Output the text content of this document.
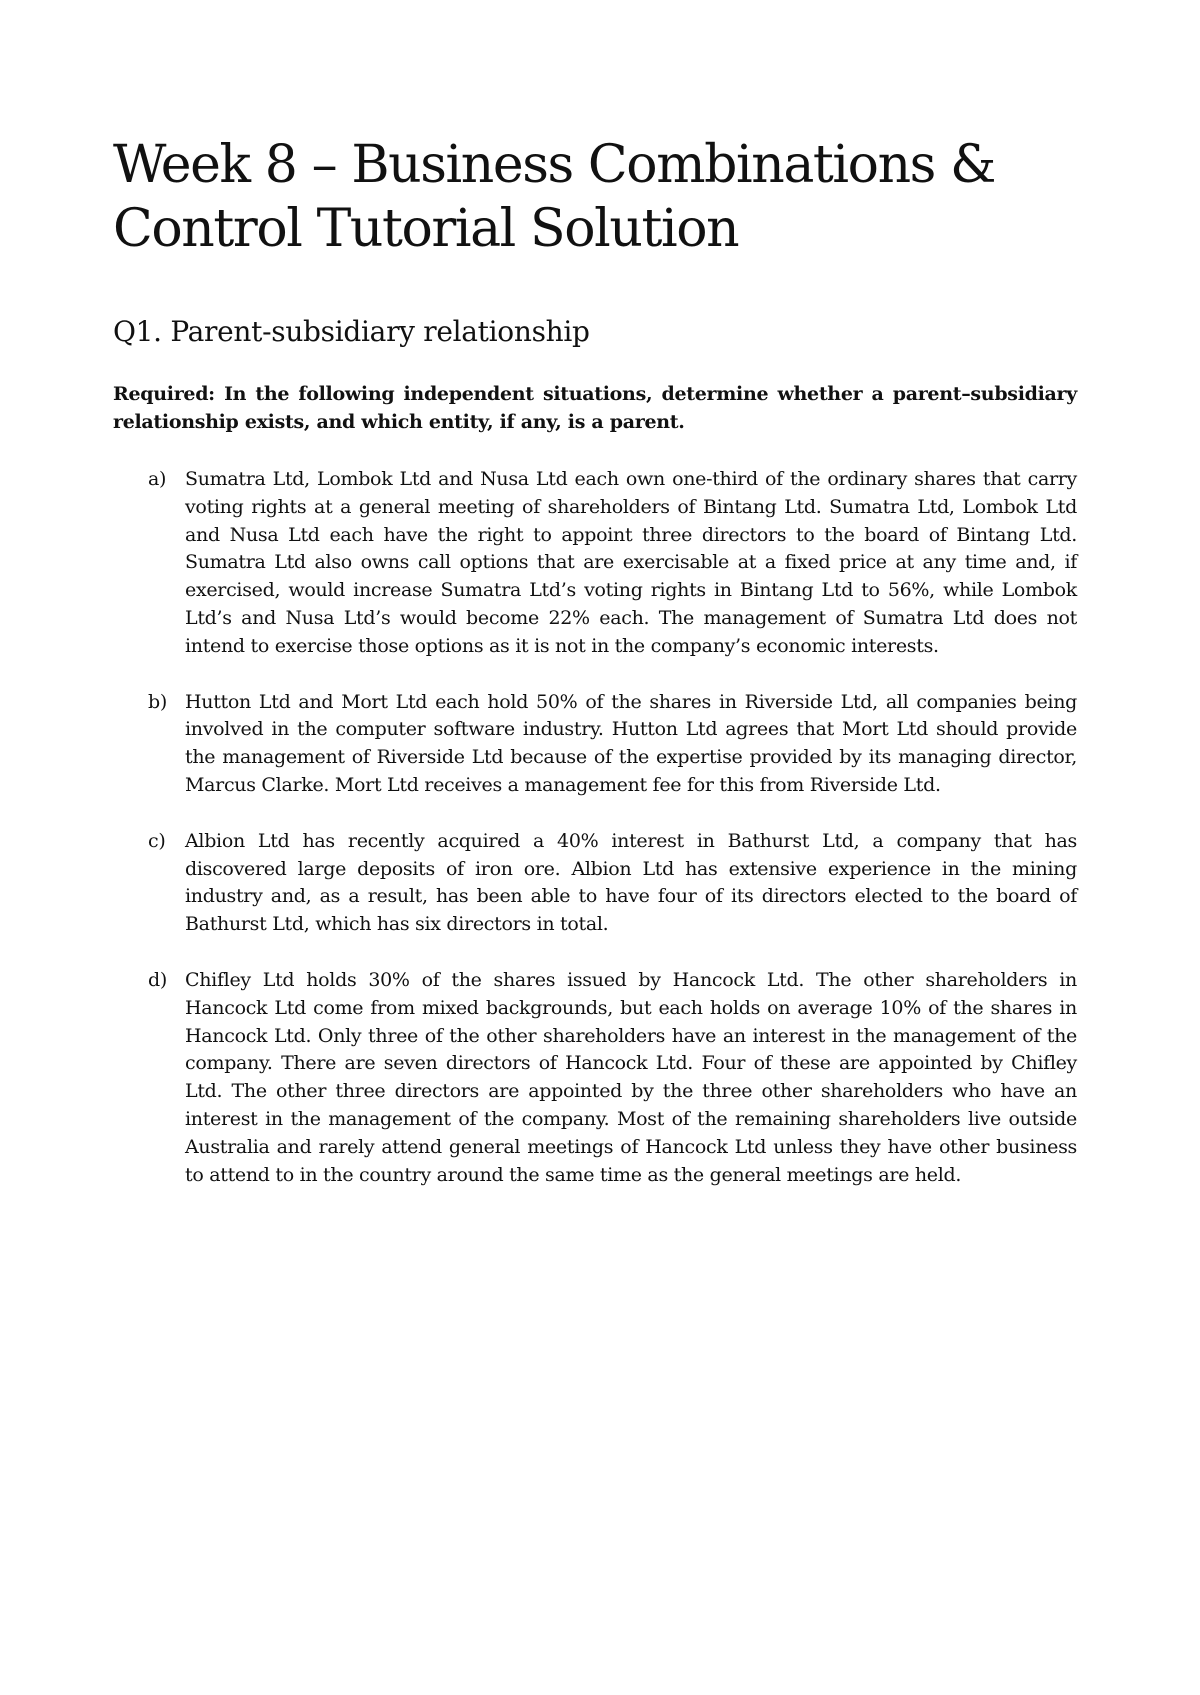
Week 8 – Business Combinations & Control Tutorial Solution
Q1. Parent-subsidiary relationship

Required: In the following independent situations, determine whether a parent–subsidiary relationship exists, and which entity, if any, is a parent.

a) Sumatra Ltd, Lombok Ltd and Nusa Ltd each own one-third of the ordinary shares that carry voting rights at a general meeting of shareholders of Bintang Ltd. Sumatra Ltd, Lombok Ltd and Nusa Ltd each have the right to appoint three directors to the board of Bintang Ltd. Sumatra Ltd also owns call options that are exercisable at a fixed price at any time and, if exercised, would increase Sumatra Ltd’s voting rights in Bintang Ltd to 56%, while Lombok Ltd’s and Nusa Ltd’s would become 22% each. The management of Sumatra Ltd does not intend to exercise those options as it is not in the company’s economic interests.
b) Hutton Ltd and Mort Ltd each hold 50% of the shares in Riverside Ltd, all companies being involved in the computer software industry. Hutton Ltd agrees that Mort Ltd should provide the management of Riverside Ltd because of the expertise provided by its managing director, Marcus Clarke. Mort Ltd receives a management fee for this from Riverside Ltd.
c) Albion Ltd has recently acquired a 40% interest in Bathurst Ltd, a company that has discovered large deposits of iron ore. Albion Ltd has extensive experience in the mining industry and, as a result, has been able to have four of its directors elected to the board of Bathurst Ltd, which has six directors in total.
d) Chifley Ltd holds 30% of the shares issued by Hancock Ltd. The other shareholders in Hancock Ltd come from mixed backgrounds, but each holds on average 10% of the shares in Hancock Ltd. Only three of the other shareholders have an interest in the management of the company. There are seven directors of Hancock Ltd. Four of these are appointed by Chifley Ltd. The other three directors are appointed by the three other shareholders who have an interest in the management of the company. Most of the remaining shareholders live outside Australia and rarely attend general meetings of Hancock Ltd unless they have other business to attend to in the country around the same time as the general meetings are held.
